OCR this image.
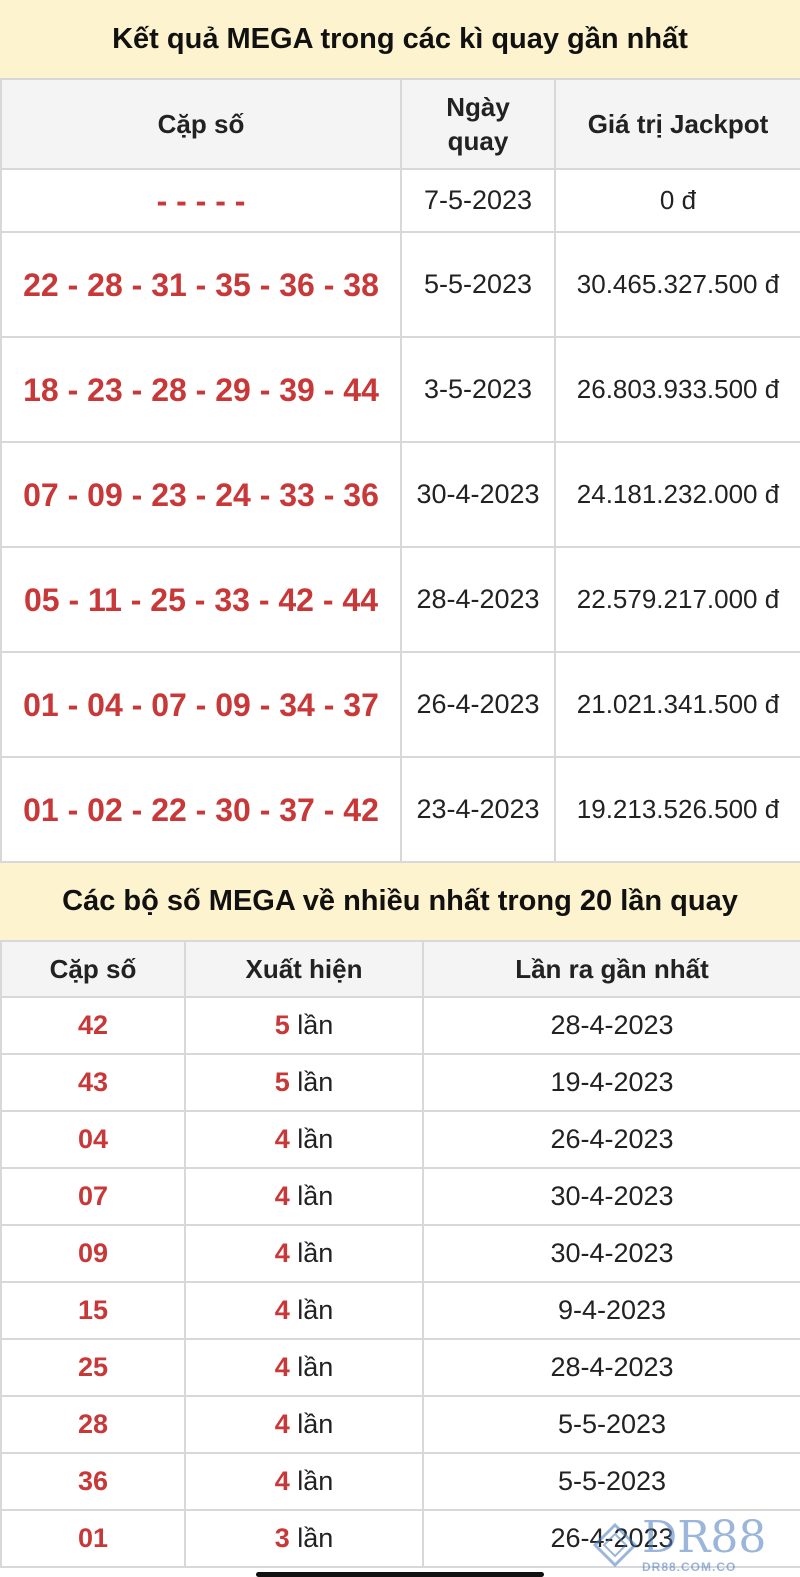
Kết quả MEGA trong các kì quay gần nhất
Cặp số	Ngày quay	Giá trị Jackpot
- - - - -	7-5-2023	0 đ
22 - 28 - 31 - 35 - 36 - 38	5-5-2023	30.465.327.500 đ
18 - 23 - 28 - 29 - 39 - 44	3-5-2023	26.803.933.500 đ
07 - 09 - 23 - 24 - 33 - 36	30-4-2023	24.181.232.000 đ
05 - 11 - 25 - 33 - 42 - 44	28-4-2023	22.579.217.000 đ
01 - 04 - 07 - 09 - 34 - 37	26-4-2023	21.021.341.500 đ
01 - 02 - 22 - 30 - 37 - 42	23-4-2023	19.213.526.500 đ
Các bộ số MEGA về nhiều nhất trong 20 lần quay
Cặp số	Xuất hiện	Lần ra gần nhất
42	5 lần	28-4-2023
43	5 lần	19-4-2023
04	4 lần	26-4-2023
07	4 lần	30-4-2023
09	4 lần	30-4-2023
15	4 lần	9-4-2023
25	4 lần	28-4-2023
28	4 lần	5-5-2023
36	4 lần	5-5-2023
01	3 lần	26-4-2023
DR88
DR88.COM.CO
